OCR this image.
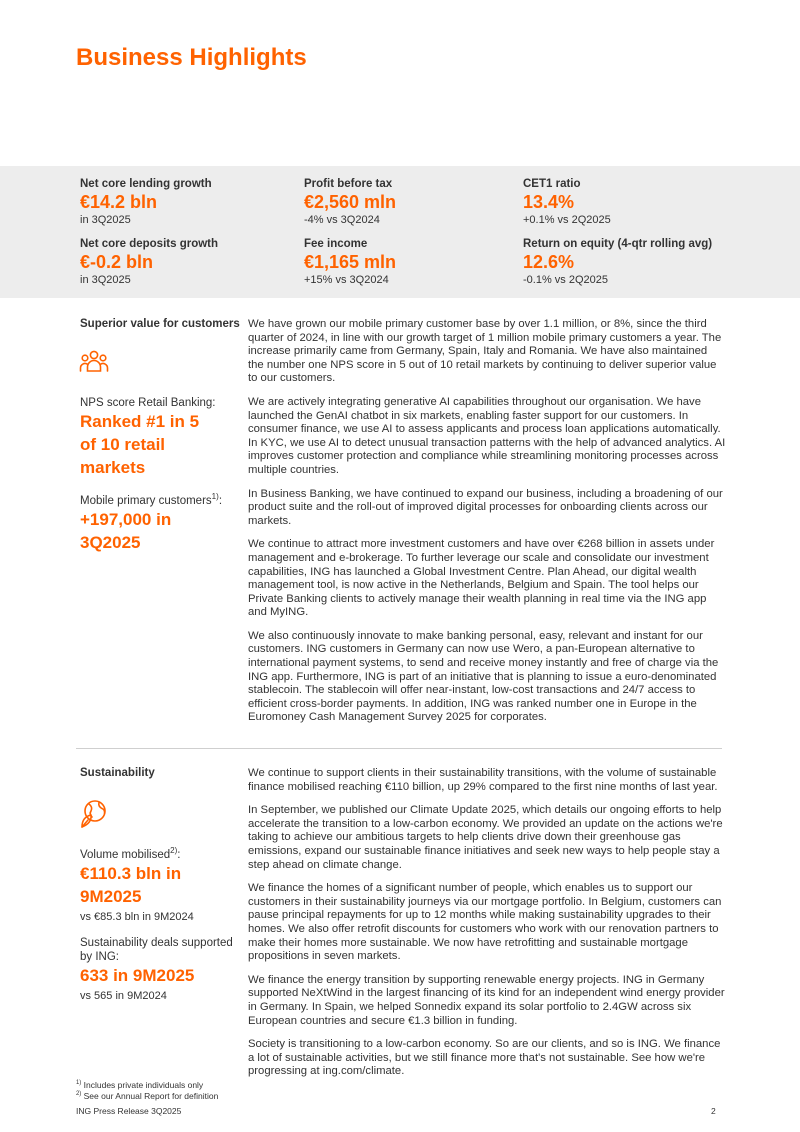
Business Highlights
Net core lending growth
€14.2 bln
in 3Q2025
Profit before tax
€2,560 mln
-4% vs 3Q2024
CET1 ratio
13.4%
+0.1% vs 2Q2025
Net core deposits growth
€-0.2 bln
in 3Q2025
Fee income
€1,165 mln
+15% vs 3Q2024
Return on equity (4-qtr rolling avg)
12.6%
-0.1% vs 2Q2025
Superior value for customers
NPS score Retail Banking:
Ranked #1 in 5 of 10 retail markets
Mobile primary customers$^{1)}$:
+197,000 in 3Q2025

We have grown our mobile primary customer base by over 1.1 million, or 8%, since the third quarter of 2024, in line with our growth target of 1 million mobile primary customers a year. The increase primarily came from Germany, Spain, Italy and Romania. We have also maintained the number one NPS score in 5 out of 10 retail markets by continuing to deliver superior value to our customers.

We are actively integrating generative AI capabilities throughout our organisation. We have launched the GenAI chatbot in six markets, enabling faster support for our customers. In consumer finance, we use AI to assess applicants and process loan applications automatically. In KYC, we use AI to detect unusual transaction patterns with the help of advanced analytics. AI improves customer protection and compliance while streamlining monitoring processes across multiple countries.

In Business Banking, we have continued to expand our business, including a broadening of our product suite and the roll-out of improved digital processes for onboarding clients across our markets.

We continue to attract more investment customers and have over €268 billion in assets under management and e-brokerage. To further leverage our scale and consolidate our investment capabilities, ING has launched a Global Investment Centre. Plan Ahead, our digital wealth management tool, is now active in the Netherlands, Belgium and Spain. The tool helps our Private Banking clients to actively manage their wealth planning in real time via the ING app and MyING.

We also continuously innovate to make banking personal, easy, relevant and instant for our customers. ING customers in Germany can now use Wero, a pan-European alternative to international payment systems, to send and receive money instantly and free of charge via the ING app. Furthermore, ING is part of an initiative that is planning to issue a euro-denominated stablecoin. The stablecoin will offer near-instant, low-cost transactions and 24/7 access to efficient cross-border payments. In addition, ING was ranked number one in Europe in the Euromoney Cash Management Survey 2025 for corporates.

Sustainability
Volume mobilised$^{2)}$:
€110.3 bln in 9M2025
vs €85.3 bln in 9M2024
Sustainability deals supported by ING:
633 in 9M2025
vs 565 in 9M2024

We continue to support clients in their sustainability transitions, with the volume of sustainable finance mobilised reaching €110 billion, up 29% compared to the first nine months of last year.

In September, we published our Climate Update 2025, which details our ongoing efforts to help accelerate the transition to a low-carbon economy. We provided an update on the actions we're taking to achieve our ambitious targets to help clients drive down their greenhouse gas emissions, expand our sustainable finance initiatives and seek new ways to help people stay a step ahead on climate change.

We finance the homes of a significant number of people, which enables us to support our customers in their sustainability journeys via our mortgage portfolio. In Belgium, customers can pause principal repayments for up to 12 months while making sustainability upgrades to their homes. We also offer retrofit discounts for customers who work with our renovation partners to make their homes more sustainable. We now have retrofitting and sustainable mortgage propositions in seven markets.

We finance the energy transition by supporting renewable energy projects. ING in Germany supported NeXtWind in the largest financing of its kind for an independent wind energy provider in Germany. In Spain, we helped Sonnedix expand its solar portfolio to 2.4GW across six European countries and secure €1.3 billion in funding.

Society is transitioning to a low-carbon economy. So are our clients, and so is ING. We finance a lot of sustainable activities, but we still finance more that's not sustainable. See how we're progressing at ing.com/climate.

$^{1)}$ Includes private individuals only
$^{2)}$ See our Annual Report for definition
ING Press Release 3Q2025	2
